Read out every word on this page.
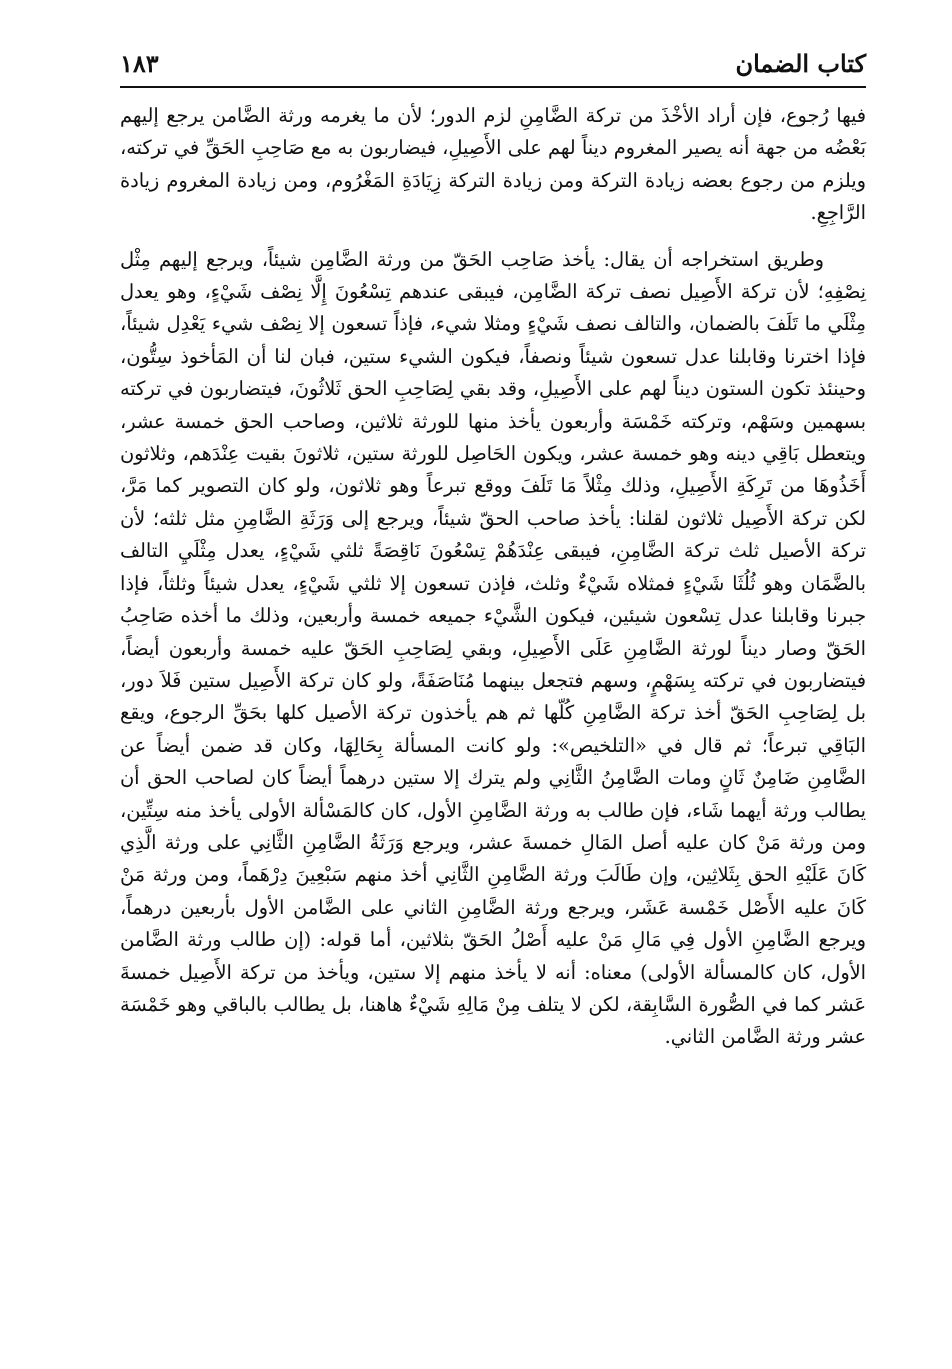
١٨٣	كتاب الضمان

فيها رُجوع، فإن أراد الأخْذَ من تركة الضَّامِنِ لزم الدور؛ لأن ما يغرمه ورثة الضَّامن يرجع إليهم بَعْضُه من جهة أنه يصير المغروم ديناً لهم على الأَصِيلِ، فيضاربون به مع صَاحِبِ الحَقِّ في تركته، ويلزم من رجوع بعضه زيادة التركة ومن زيادة التركة زِيَادَةِ المَغْرُوم، ومن زيادة المغروم زيادة الرَّاجِعِ.

وطريق استخراجه أن يقال: يأخذ صَاحِب الحَقّ من ورثة الضَّامِن شيئاً، ويرجع إليهم مِثْل نِصْفِهِ؛ لأن تركة الأَصِيل نصف تركة الضَّامِن، فيبقى عندهم تِسْعُونَ إِلَّا نِصْف شَيْءٍ، وهو يعدل مِثْلَي ما تَلَفَ بالضمان، والتالف نصف شَيْءٍ ومثلا شيء، فإذاً تسعون إلا نِصْف شيء يَعْدِل شيئاً، فإذا اخترنا وقابلنا عدل تسعون شيئاً ونصفاً، فيكون الشيء ستين، فبان لنا أن المَأخوذ سِتُّون، وحينئذ تكون الستون ديناً لهم على الأَصِيلِ، وقد بقي لِصَاحِبِ الحق ثَلاثُونَ، فيتضاربون في تركته بسهمين وسَهْم، وتركته خَمْسَة وأربعون يأخذ منها للورثة ثلاثين، وصاحب الحق خمسة عشر، ويتعطل بَاقِي دينه وهو خمسة عشر، ويكون الحَاصِل للورثة ستين، ثلاثونَ بقيت عِنْدَهم، وثلاثون أَخَذُوهَا من تَرِكَةِ الأَصِيلِ، وذلك مِثْلاً مَا تَلَفَ ووقع تبرعاً وهو ثلاثون، ولو كان التصوير كما مَرَّ، لكن تركة الأَصِيل ثلاثون لقلنا: يأخذ صاحب الحقّ شيئاً، ويرجع إلى وَرَثَةِ الضَّامِنِ مثل ثلثه؛ لأن تركة الأصيل ثلث تركة الضَّامِنِ، فيبقى عِنْدَهُمْ تِسْعُونَ نَاقِصَةً ثلثي شَيْءٍ، يعدل مِثْلَيِ التالف بالضَّمَان وهو ثُلُثَا شَيْءٍ فمثلاه شَيْءٌ وثلث، فإذن تسعون إلا ثلثي شَيْءٍ، يعدل شيئاً وثلثاً، فإذا جبرنا وقابلنا عدل تِسْعون شيئين، فيكون الشَّيْء جميعه خمسة وأربعين، وذلك ما أخذه صَاحِبُ الحَقّ وصار ديناً لورثة الضَّامِنِ عَلَى الأَصِيلِ، وبقي لِصَاحِبِ الحَقّ عليه خمسة وأربعون أيضاً، فيتضاربون في تركته بِسَهْمٍ، وسهم فتجعل بينهما مُنَاصَفَةً، ولو كان تركة الأَصِيل ستين فَلاَ دور، بل لِصَاحِبِ الحَقّ أخذ تركة الضَّامِنِ كُلّها ثم هم يأخذون تركة الأصيل كلها بحَقِّ الرجوع، ويقع البَاقِي تبرعاً؛ ثم قال في «التلخيص»: ولو كانت المسألة بِحَالِهَا، وكان قد ضمن أيضاً عن الضَّامِنِ ضَامِنٌ ثَانٍ ومات الضَّامِنُ الثَّانِي ولم يترك إلا ستين درهماً أيضاً كان لصاحب الحق أن يطالب ورثة أيهما شَاء، فإن طالب به ورثة الضَّامِنِ الأول، كان كالمَسْألة الأولى يأخذ منه سِتِّين، ومن ورثة مَنْ كان عليه أصل المَالِ خمسةَ عشر، ويرجع وَرَثَةُ الضَّامِنِ الثَّانِي على ورثة الَّذِي كَانَ عَلَيْهِ الحق بِثَلاثِين، وإن طَالَبَ ورثة الضَّامِنِ الثَّانِي أخذ منهم سَبْعِينَ دِرْهَماً، ومن ورثة مَنْ كَانَ عليه الأَصْل خَمْسة عَشَر، ويرجع ورثة الضَّامِنِ الثاني على الضَّامن الأول بأربعين درهماً، ويرجع الضَّامِنِ الأول فِي مَالِ مَنْ عليه أَصْلُ الحَقّ بثلاثين، أما قوله: (إن طالب ورثة الضَّامن الأول، كان كالمسألة الأولى) معناه: أنه لا يأخذ منهم إلا ستين، ويأخذ من تركة الأَصِيل خمسةَ عَشر كما في الصُّورة السَّابِقة، لكن لا يتلف مِنْ مَالِهِ شَيْءٌ هاهنا، بل يطالب بالباقي وهو خَمْسَة عشر ورثة الضَّامن الثاني.
